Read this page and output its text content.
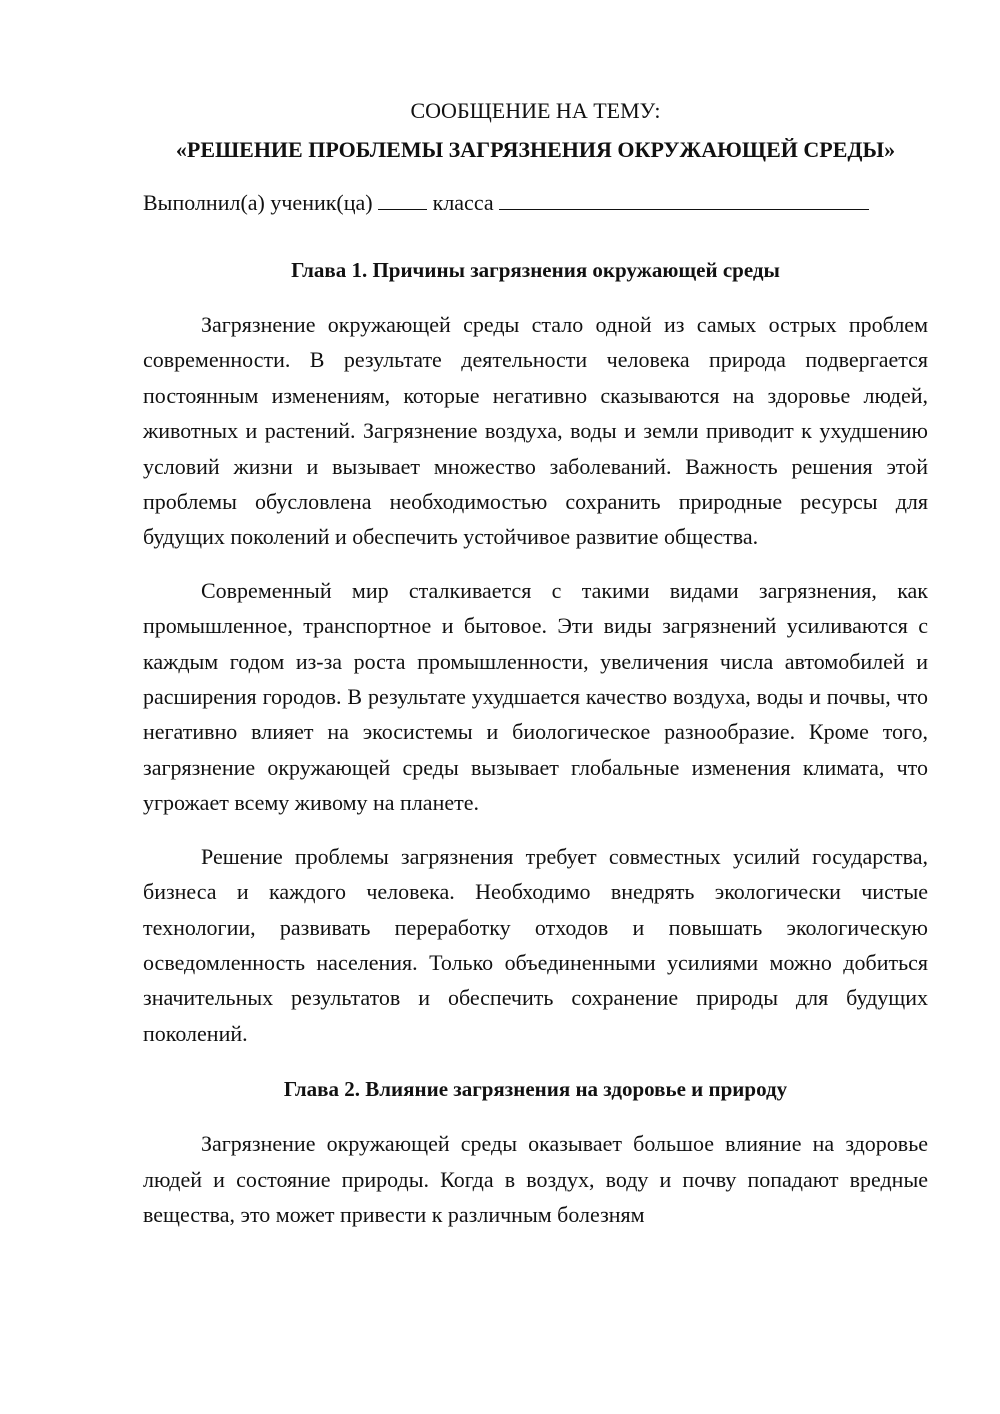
СООБЩЕНИЕ НА ТЕМУ:

«РЕШЕНИЕ ПРОБЛЕМЫ ЗАГРЯЗНЕНИЯ ОКРУЖАЮЩЕЙ СРЕДЫ»

Выполнил(а) ученик(ца)	класса

Глава 1. Причины загрязнения окружающей среды

Загрязнение окружающей среды стало одной из самых острых проблем современности. В результате деятельности человека природа подвергается постоянным изменениям, которые негативно сказываются на здоровье людей, животных и растений. Загрязнение воздуха, воды и земли приводит к ухудшению условий жизни и вызывает множество заболеваний. Важность решения этой проблемы обусловлена необходимостью сохранить природные ресурсы для будущих поколений и обеспечить устойчивое развитие общества.

Современный мир сталкивается с такими видами загрязнения, как промышленное, транспортное и бытовое. Эти виды загрязнений усиливаются с каждым годом из-за роста промышленности, увеличения числа автомобилей и расширения городов. В результате ухудшается качество воздуха, воды и почвы, что негативно влияет на экосистемы и биологическое разнообразие. Кроме того, загрязнение окружающей среды вызывает глобальные изменения климата, что угрожает всему живому на планете.

Решение проблемы загрязнения требует совместных усилий государства, бизнеса и каждого человека. Необходимо внедрять экологически чистые технологии, развивать переработку отходов и повышать экологическую осведомленность населения. Только объединенными усилиями можно добиться значительных результатов и обеспечить сохранение природы для будущих поколений.

Глава 2. Влияние загрязнения на здоровье и природу

Загрязнение окружающей среды оказывает большое влияние на здоровье людей и состояние природы. Когда в воздух, воду и почву попадают вредные вещества, это может привести к различным болезням
